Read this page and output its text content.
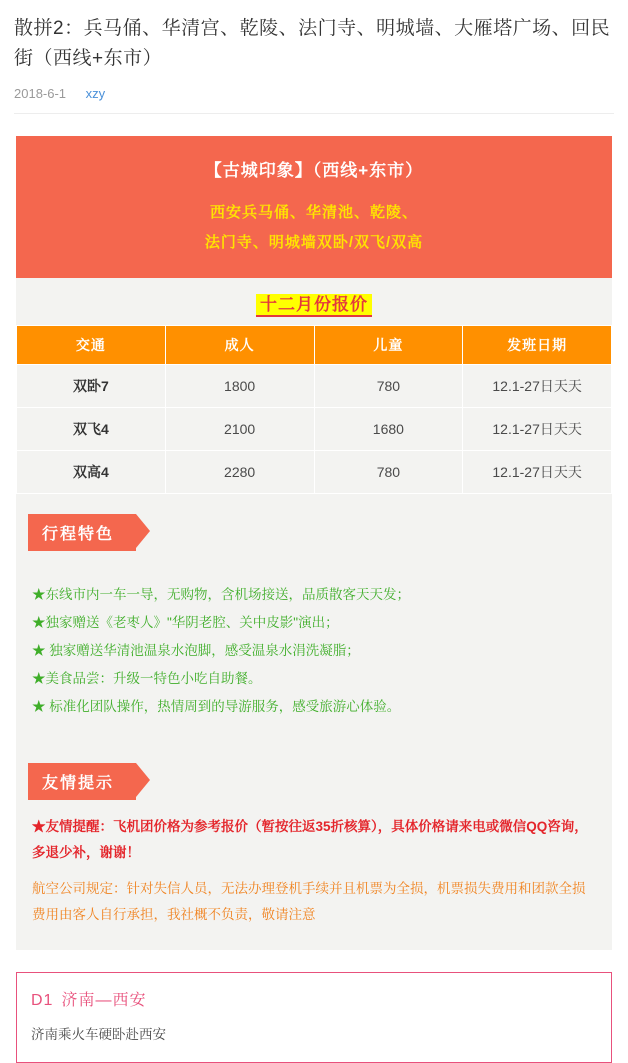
散拼2：兵马俑、华清宫、乾陵、法门寺、明城墙、大雁塔广场、回民街（西线+东市）
2018-6-1 xzy
【古城印象】（西线+东市）
西安兵马俑、华清池、乾陵、
法门寺、明城墙双卧/双飞/双高
十二月份报价
交通	成人	儿童	发班日期
双卧7	1800	780	12.1-27日天天
双飞4	2100	1680	12.1-27日天天
双高4	2280	780	12.1-27日天天
行程特色
★东线市内一车一导，无购物，含机场接送，品质散客天天发；
★独家赠送《老枣人》"华阴老腔、关中皮影"演出；
★ 独家赠送华清池温泉水泡脚，感受温泉水涓洗凝脂；
★美食品尝：升级一特色小吃自助餐。
★ 标准化团队操作，热情周到的导游服务，感受旅游心体验。
友情提示
★友情提醒：飞机团价格为参考报价（暂按往返35折核算），具体价格请来电或微信QQ咨询，多退少补，谢谢！
航空公司规定：针对失信人员，无法办理登机手续并且机票为全损，机票损失费用和团款全损费用由客人自行承担，我社概不负责，敬请注意
D1 济南—西安
济南乘火车硬卧赴西安
